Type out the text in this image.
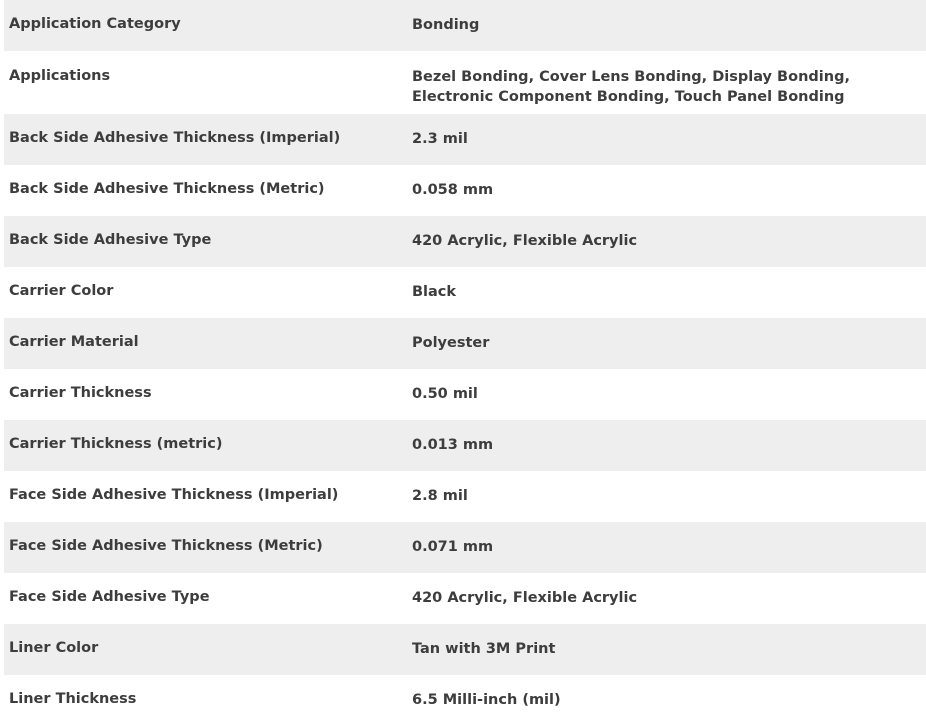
Application Category	Bonding
Applications	Bezel Bonding, Cover Lens Bonding, Display Bonding, Electronic Component Bonding, Touch Panel Bonding
Back Side Adhesive Thickness (Imperial)	2.3 mil
Back Side Adhesive Thickness (Metric)	0.058 mm
Back Side Adhesive Type	420 Acrylic, Flexible Acrylic
Carrier Color	Black
Carrier Material	Polyester
Carrier Thickness	0.50 mil
Carrier Thickness (metric)	0.013 mm
Face Side Adhesive Thickness (Imperial)	2.8 mil
Face Side Adhesive Thickness (Metric)	0.071 mm
Face Side Adhesive Type	420 Acrylic, Flexible Acrylic
Liner Color	Tan with 3M Print
Liner Thickness	6.5 Milli-inch (mil)
